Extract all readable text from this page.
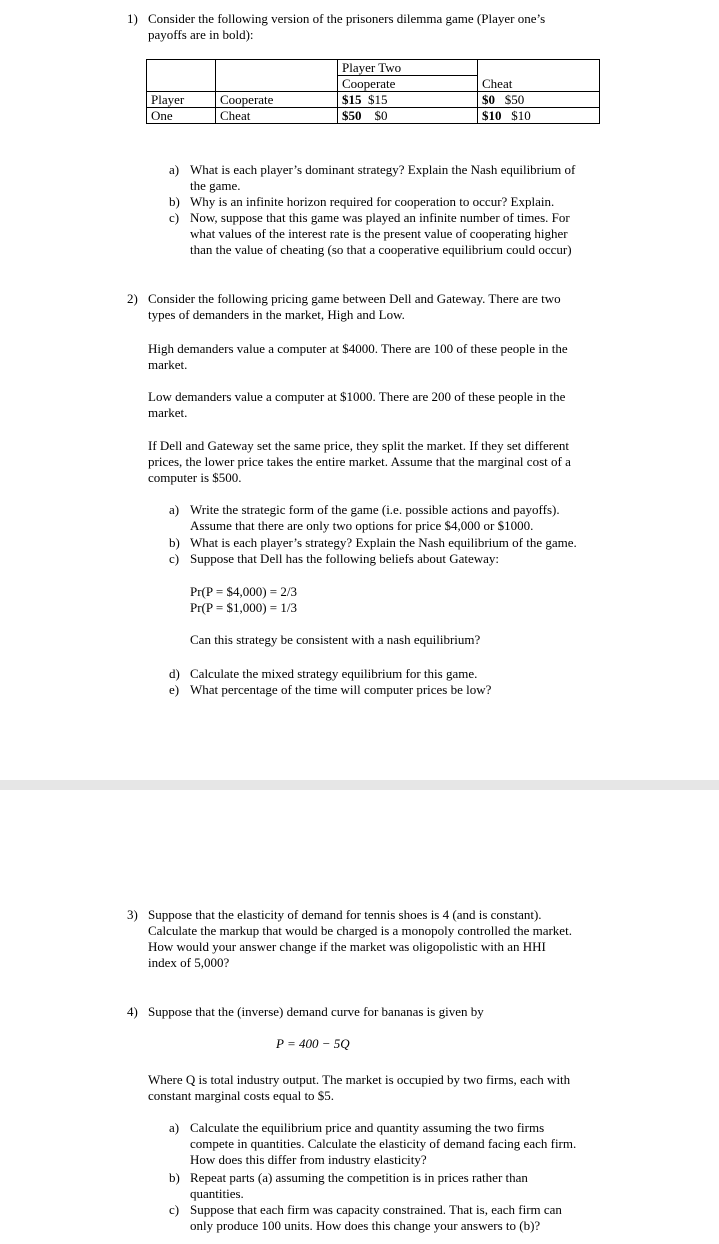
1) Consider the following version of the prisoners dilemma game (Player one’s

payoffs are in bold):

		Player Two	

		Cooperate	Cheat
Player	Cooperate	$15 $15	$0 $50
One	Cheat	$50 $0	$10 $10
a) What is each player’s dominant strategy? Explain the Nash equilibrium of

the game.

b) Why is an infinite horizon required for cooperation to occur? Explain.

c) Now, suppose that this game was played an infinite number of times. For

what values of the interest rate is the present value of cooperating higher

than the value of cheating (so that a cooperative equilibrium could occur)

2) Consider the following pricing game between Dell and Gateway. There are two

types of demanders in the market, High and Low.

High demanders value a computer at $4000. There are 100 of these people in the

market.

Low demanders value a computer at $1000. There are 200 of these people in the

market.

If Dell and Gateway set the same price, they split the market. If they set different

prices, the lower price takes the entire market. Assume that the marginal cost of a

computer is $500.

a) Write the strategic form of the game (i.e. possible actions and payoffs).

Assume that there are only two options for price $4,000 or $1000.

b) What is each player’s strategy? Explain the Nash equilibrium of the game.

c) Suppose that Dell has the following beliefs about Gateway:

Pr(P = $4,000) = 2/3

Pr(P = $1,000) = 1/3

Can this strategy be consistent with a nash equilibrium?

d) Calculate the mixed strategy equilibrium for this game.

e) What percentage of the time will computer prices be low?

3) Suppose that the elasticity of demand for tennis shoes is 4 (and is constant).

Calculate the markup that would be charged is a monopoly controlled the market.

How would your answer change if the market was oligopolistic with an HHI

index of 5,000?

4) Suppose that the (inverse) demand curve for bananas is given by

P = 400 − 5Q

Where Q is total industry output. The market is occupied by two firms, each with

constant marginal costs equal to $5.

a) Calculate the equilibrium price and quantity assuming the two firms

compete in quantities. Calculate the elasticity of demand facing each firm.

How does this differ from industry elasticity?

b) Repeat parts (a) assuming the competition is in prices rather than

quantities.

c) Suppose that each firm was capacity constrained. That is, each firm can

only produce 100 units. How does this change your answers to (b)?
